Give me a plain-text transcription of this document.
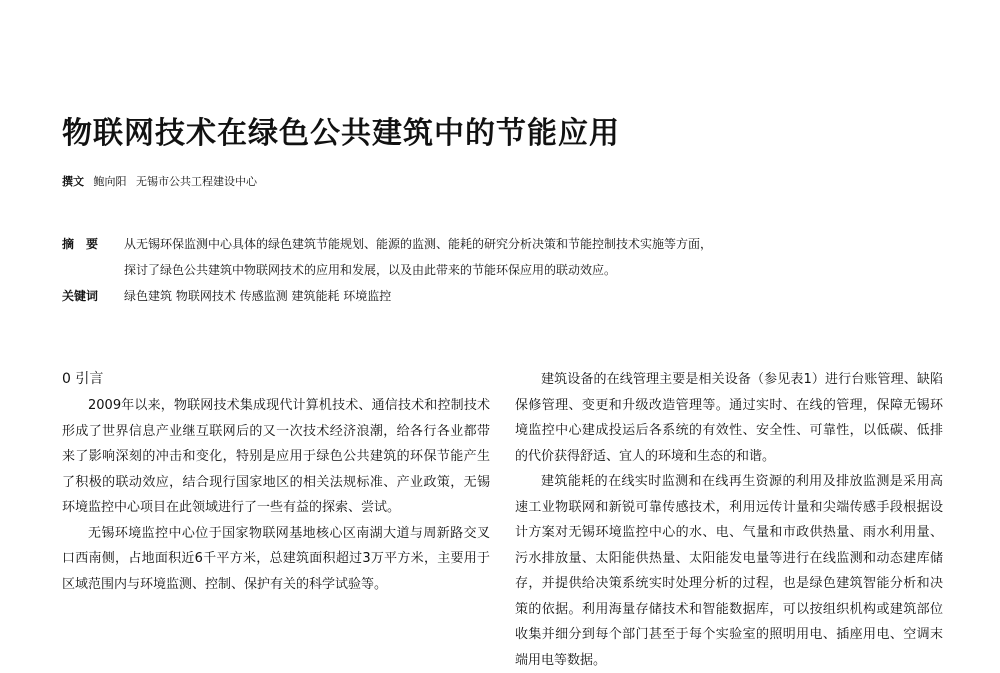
物联网技术在绿色公共建筑中的节能应用
撰文 鲍向阳 无锡市公共工程建设中心
摘　要	从无锡环保监测中心具体的绿色建筑节能规划、能源的监测、能耗的研究分析决策和节能控制技术实施等方面，
探讨了绿色公共建筑中物联网技术的应用和发展，以及由此带来的节能环保应用的联动效应。
关键词	绿色建筑 物联网技术 传感监测 建筑能耗 环境监控
0 引言

2009年以来，物联网技术集成现代计算机技术、通信技术和控制技术形成了世界信息产业继互联网后的又一次技术经济浪潮，给各行各业都带来了影响深刻的冲击和变化，特别是应用于绿色公共建筑的环保节能产生了积极的联动效应，结合现行国家地区的相关法规标准、产业政策，无锡环境监控中心项目在此领域进行了一些有益的探索、尝试。

无锡环境监控中心位于国家物联网基地核心区南湖大道与周新路交叉口西南侧，占地面积近6千平方米，总建筑面积超过3万平方米，主要用于区域范围内与环境监测、控制、保护有关的科学试验等。

建筑设备的在线管理主要是相关设备（参见表1）进行台账管理、缺陷保修管理、变更和升级改造管理等。通过实时、在线的管理，保障无锡环境监控中心建成投运后各系统的有效性、安全性、可靠性，以低碳、低排的代价获得舒适、宜人的环境和生态的和谐。

建筑能耗的在线实时监测和在线再生资源的利用及排放监测是采用高速工业物联网和新锐可靠传感技术，利用远传计量和尖端传感手段根据设计方案对无锡环境监控中心的水、电、气量和市政供热量、雨水利用量、污水排放量、太阳能供热量、太阳能发电量等进行在线监测和动态建库储存，并提供给决策系统实时处理分析的过程，也是绿色建筑智能分析和决策的依据。利用海量存储技术和智能数据库，可以按组织机构或建筑部位收集并细分到每个部门甚至于每个实验室的照明用电、插座用电、空调末端用电等数据。
